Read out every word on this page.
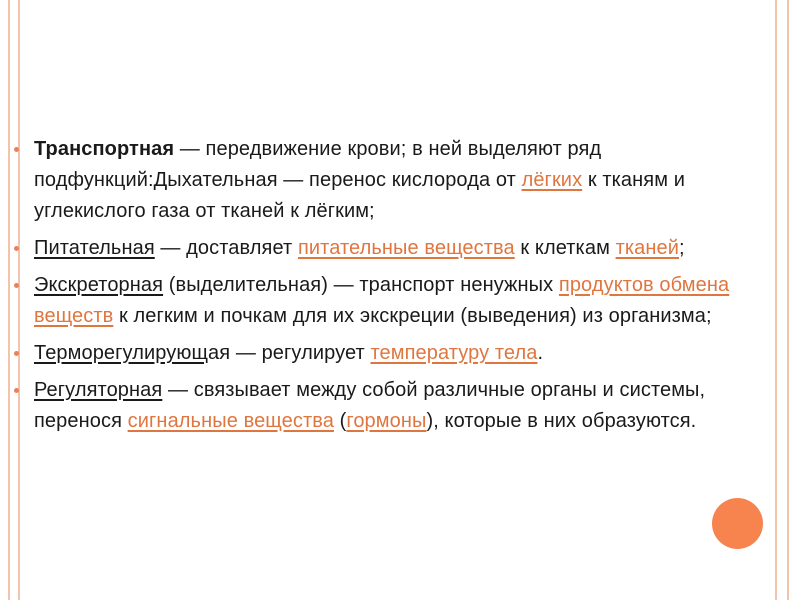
Транспортная — передвижение крови; в ней выделяют ряд подфункций:Дыхательная — перенос кислорода от лёгких к тканям и углекислого газа от тканей к лёгким;
Питательная — доставляет питательные вещества к клеткам тканей;
Экскреторная (выделительная) — транспорт ненужных продуктов обмена веществ к легким и почкам для их экскреции (выведения) из организма;
Терморегулирующая — регулирует температуру тела.
Регуляторная — связывает между собой различные органы и системы, перенося сигнальные вещества (гормоны), которые в них образуются.
